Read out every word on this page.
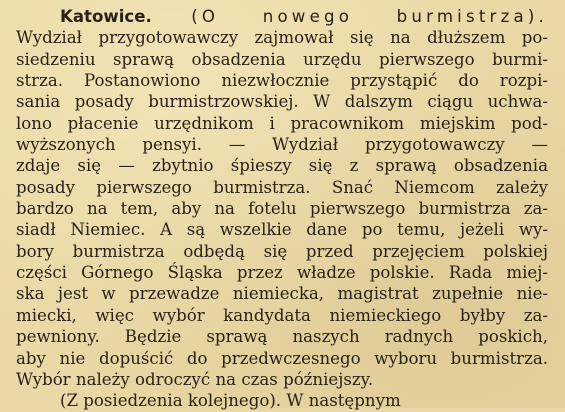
Katowice. (O nowego burmistrza).
Wydział przygotowawczy zajmował się na dłuższem po-
siedzeniu sprawą obsadzenia urzędu pierwszego burmi-
strza. Postanowiono niezwłocznie przystąpić do rozpi-
sania posady burmistrzowskiej. W dalszym ciągu uchwa-
lono płacenie urzędnikom i pracownikom miejskim pod-
wyższonych pensyi. — Wydział przygotowawczy —
zdaje się — zbytnio śpieszy się z sprawą obsadzenia
posady pierwszego burmistrza. Snać Niemcom zależy
bardzo na tem, aby na fotelu pierwszego burmistrza za-
siadł Niemiec. A są wszelkie dane po temu, jeżeli wy-
bory burmistrza odbędą się przed przejęciem polskiej
części Górnego Śląska przez władze polskie. Rada miej-
ska jest w przewadze niemiecka, magistrat zupełnie nie-
miecki, więc wybór kandydata niemieckiego byłby za-
pewniony. Będzie sprawą naszych radnych poskich,
aby nie dopuścić do przedwczesnego wyboru burmistrza.
Wybór należy odroczyć na czas późniejszy.
(Z posiedzenia kolejnego). W następnym
